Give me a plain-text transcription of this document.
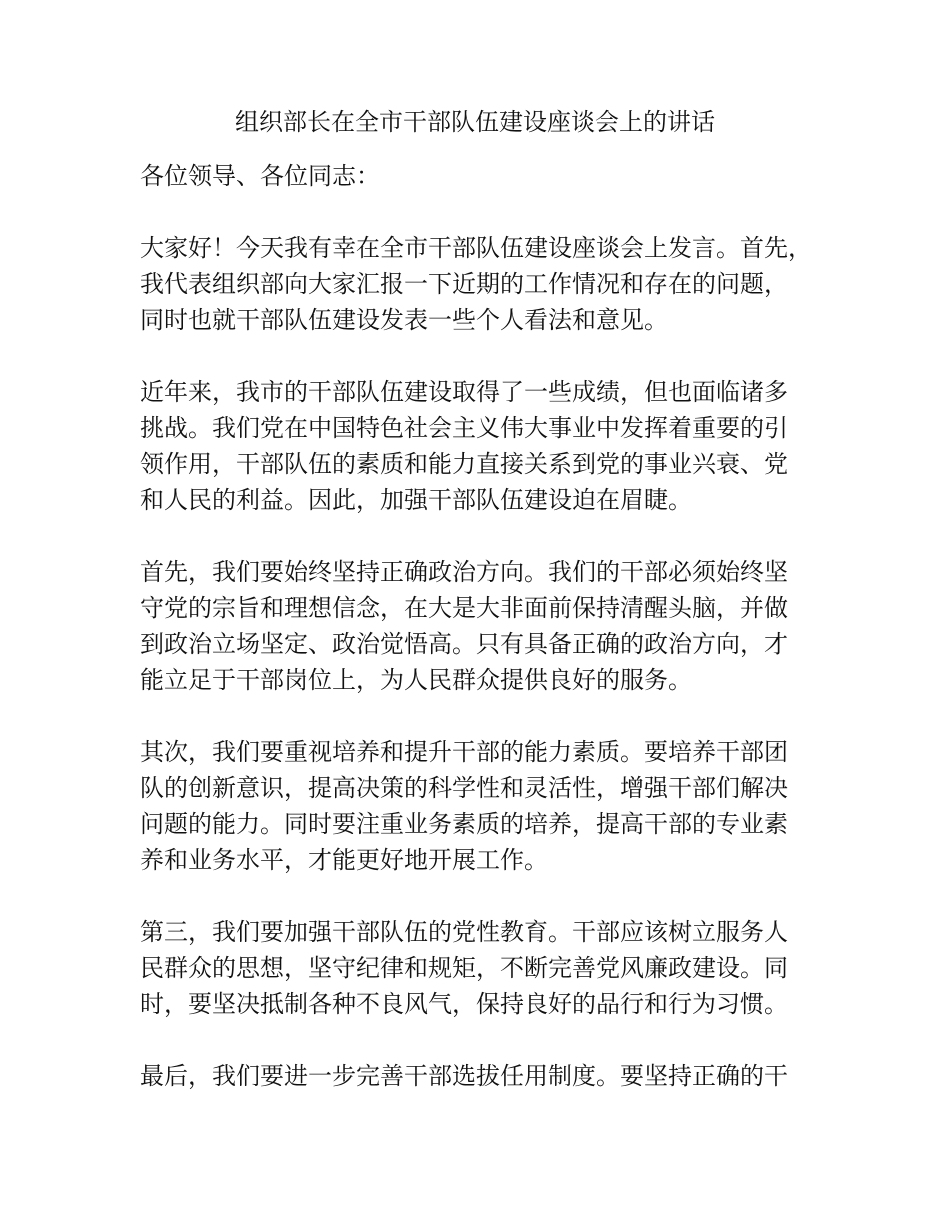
组织部长在全市干部队伍建设座谈会上的讲话
各位领导、各位同志：
大家好！今天我有幸在全市干部队伍建设座谈会上发言。首先，
我代表组织部向大家汇报一下近期的工作情况和存在的问题，
同时也就干部队伍建设发表一些个人看法和意见。
近年来，我市的干部队伍建设取得了一些成绩，但也面临诸多
挑战。我们党在中国特色社会主义伟大事业中发挥着重要的引
领作用，干部队伍的素质和能力直接关系到党的事业兴衰、党
和人民的利益。因此，加强干部队伍建设迫在眉睫。
首先，我们要始终坚持正确政治方向。我们的干部必须始终坚
守党的宗旨和理想信念，在大是大非面前保持清醒头脑，并做
到政治立场坚定、政治觉悟高。只有具备正确的政治方向，才
能立足于干部岗位上，为人民群众提供良好的服务。
其次，我们要重视培养和提升干部的能力素质。要培养干部团
队的创新意识，提高决策的科学性和灵活性，增强干部们解决
问题的能力。同时要注重业务素质的培养，提高干部的专业素
养和业务水平，才能更好地开展工作。
第三，我们要加强干部队伍的党性教育。干部应该树立服务人
民群众的思想，坚守纪律和规矩，不断完善党风廉政建设。同
时，要坚决抵制各种不良风气，保持良好的品行和行为习惯。
最后，我们要进一步完善干部选拔任用制度。要坚持正确的干
